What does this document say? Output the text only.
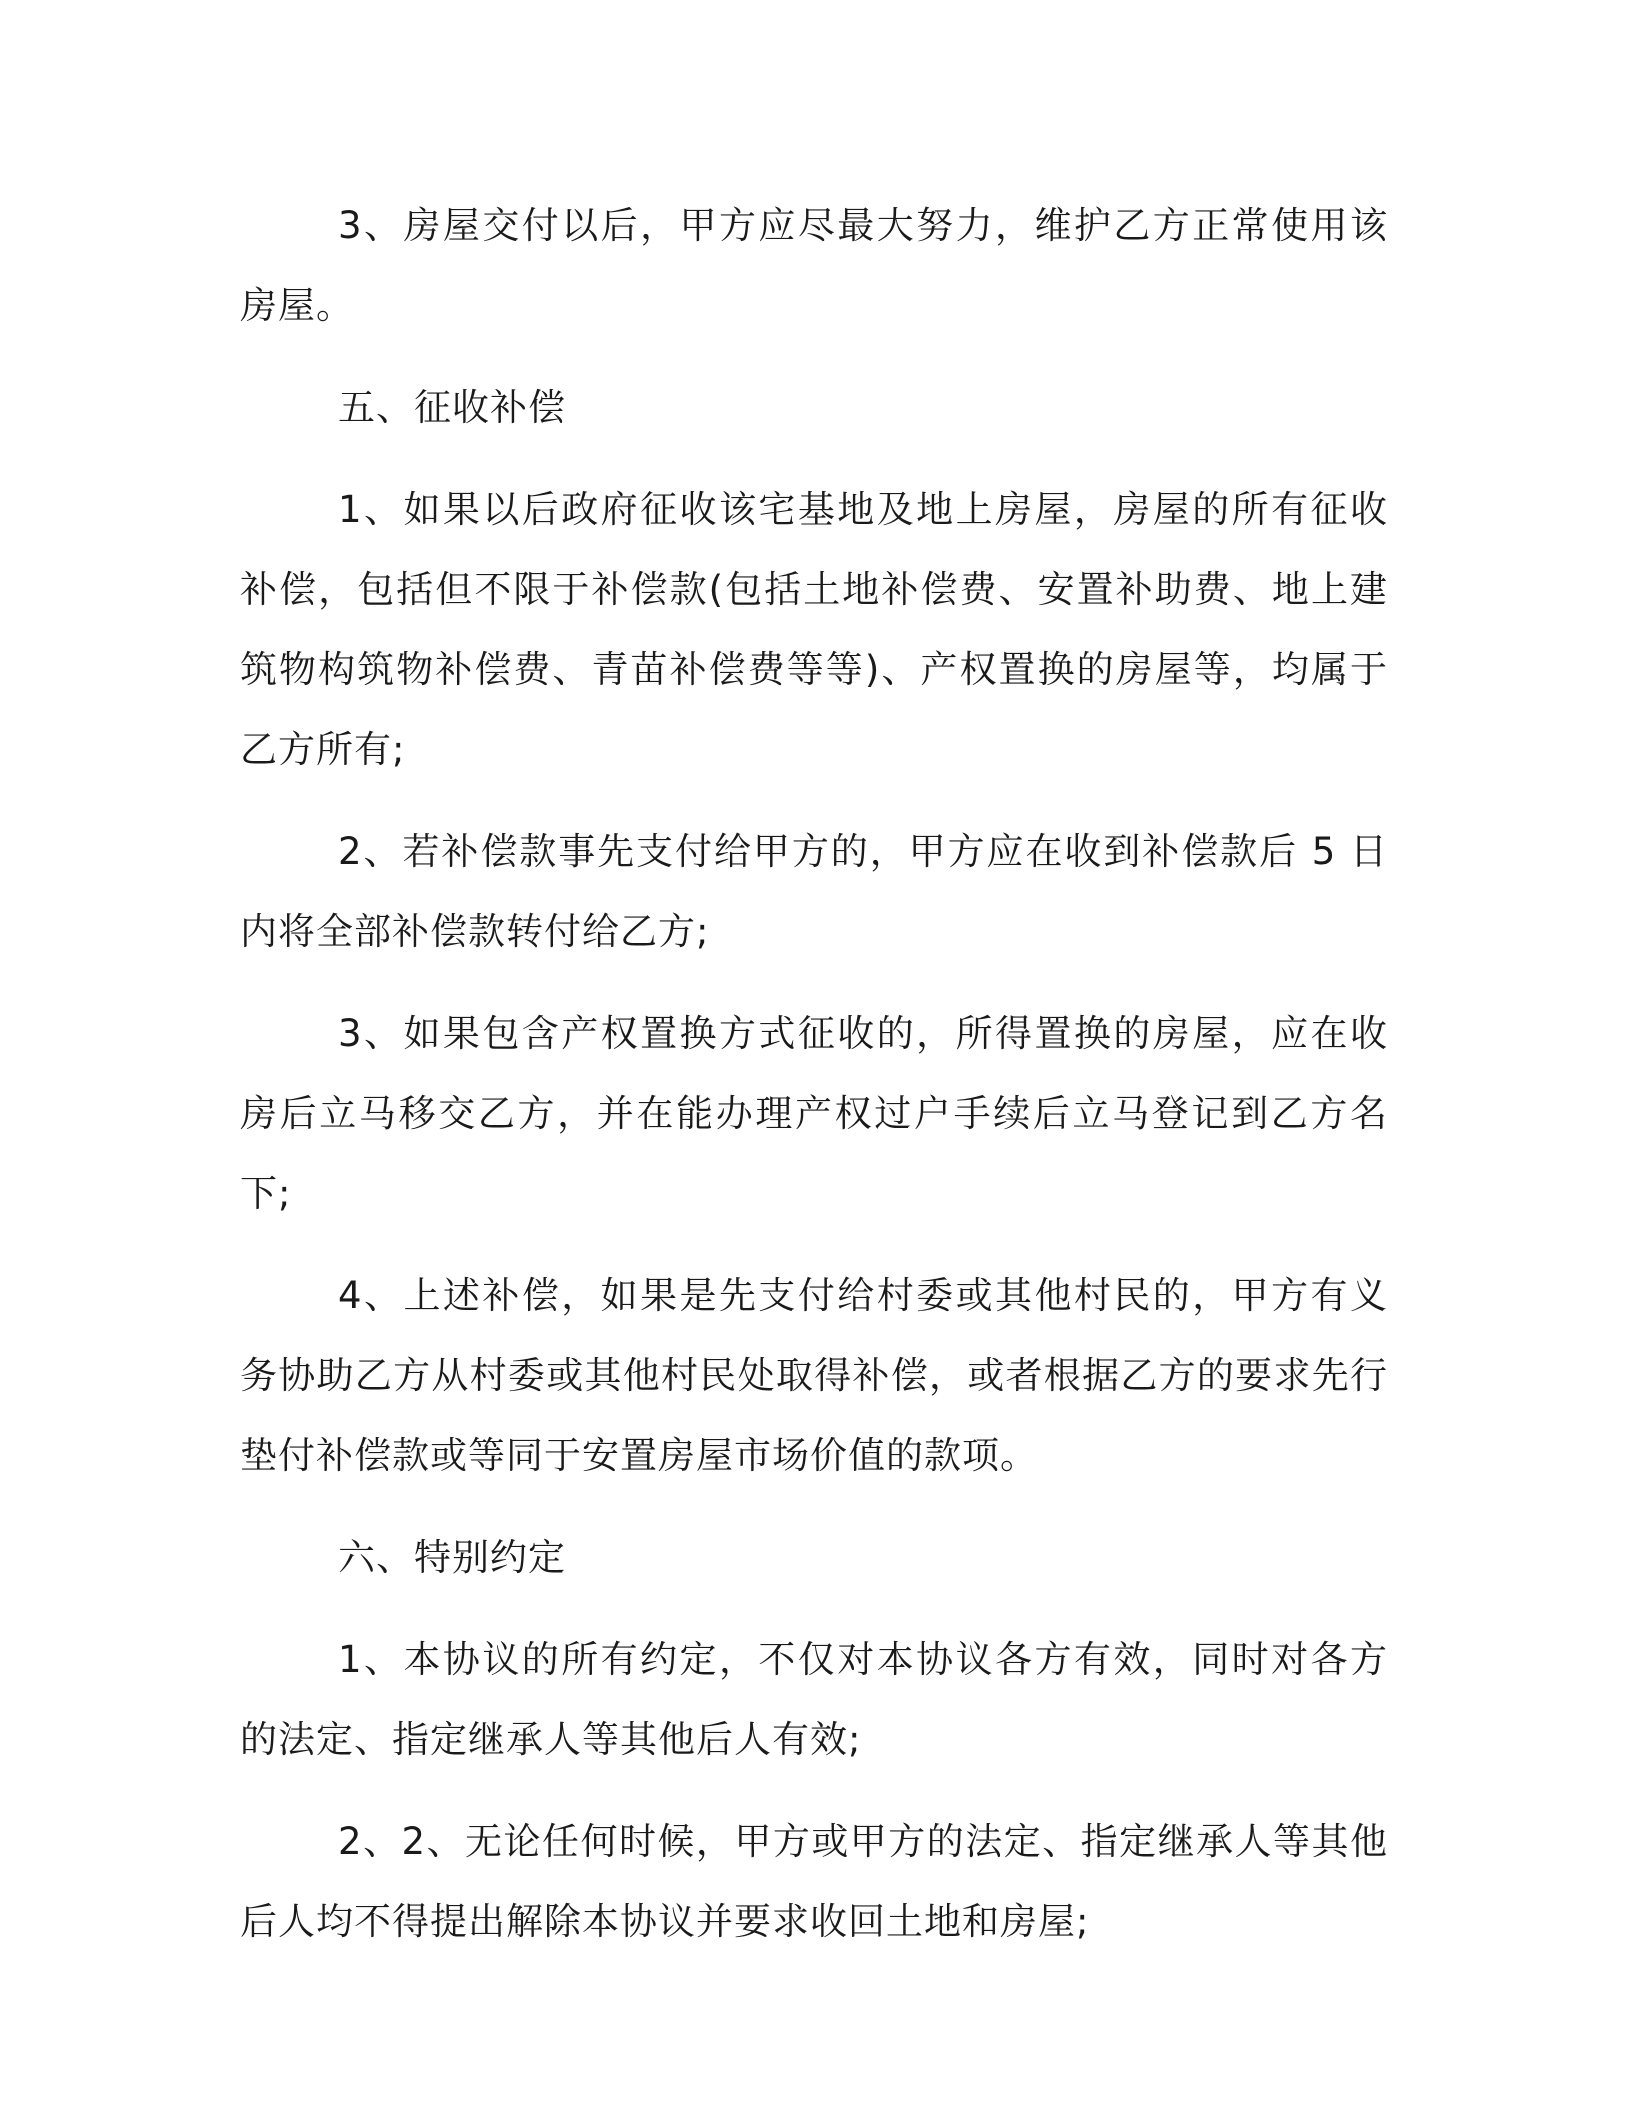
3、房屋交付以后，甲方应尽最大努力，维护乙方正常使用该房屋。

五、征收补偿

1、如果以后政府征收该宅基地及地上房屋，房屋的所有征收补偿，包括但不限于补偿款(包括土地补偿费、安置补助费、地上建筑物构筑物补偿费、青苗补偿费等等)、产权置换的房屋等，均属于乙方所有;

2、若补偿款事先支付给甲方的，甲方应在收到补偿款后 5 日内将全部补偿款转付给乙方;

3、如果包含产权置换方式征收的，所得置换的房屋，应在收房后立马移交乙方，并在能办理产权过户手续后立马登记到乙方名下;

4、上述补偿，如果是先支付给村委或其他村民的，甲方有义务协助乙方从村委或其他村民处取得补偿，或者根据乙方的要求先行垫付补偿款或等同于安置房屋市场价值的款项。

六、特别约定

1、本协议的所有约定，不仅对本协议各方有效，同时对各方的法定、指定继承人等其他后人有效;

2、2、无论任何时候，甲方或甲方的法定、指定继承人等其他后人均不得提出解除本协议并要求收回土地和房屋;
